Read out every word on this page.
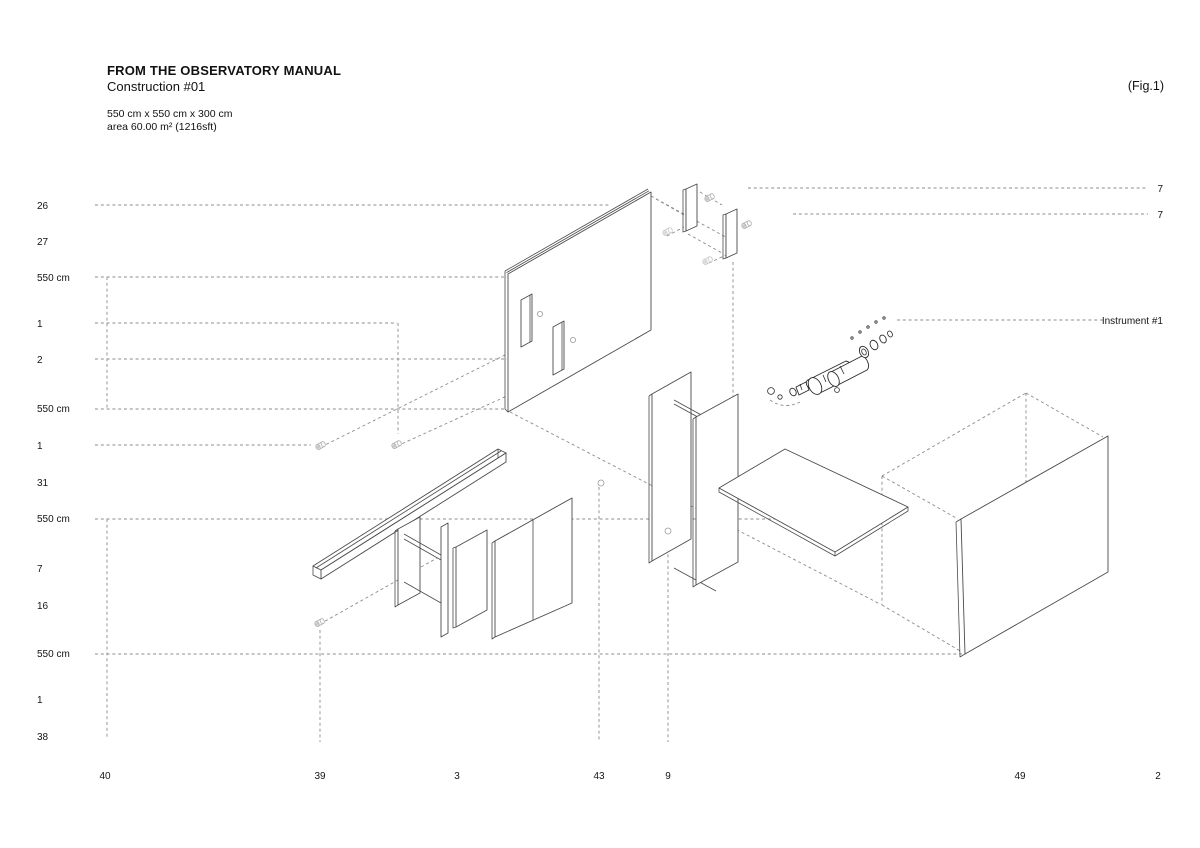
FROM THE OBSERVATORY MANUAL
Construction #01
550 cm x 550 cm x 300 cm
area 60.00 m² (1216sft)
(Fig.1)
26
27
550 cm
1
2
550 cm
1
31
550 cm
7
16
550 cm
1
38
40	39	3	43	9	49	2
7
7
Instrument #1
